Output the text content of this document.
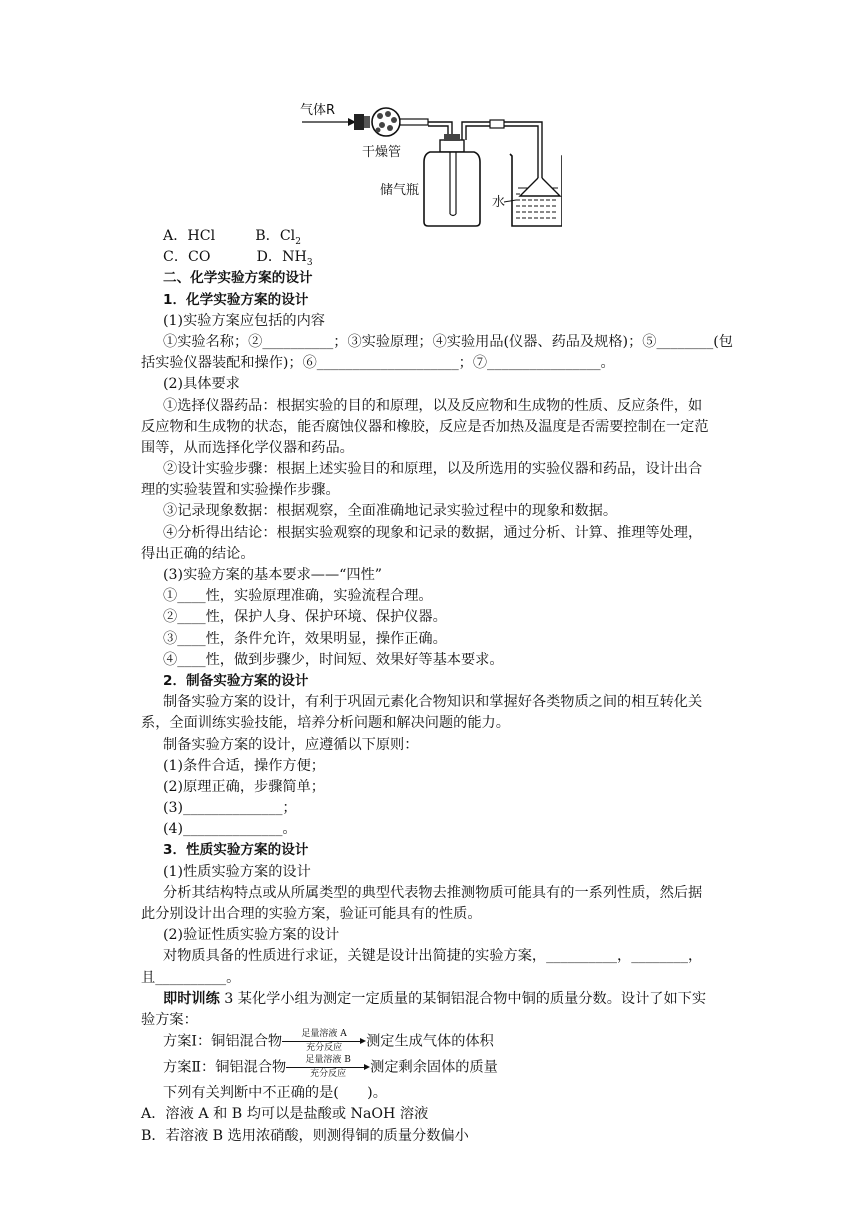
气体R
干燥管
储气瓶
水
A．HCl	B．$Cl_2$
C．CO	D．$NH_3$
二、化学实验方案的设计
1．化学实验方案的设计
(1)实验方案应包括的内容
①实验名称；②__________；③实验原理；④实验用品(仪器、药品及规格)；⑤________(包
括实验仪器装配和操作)；⑥____________________；⑦________________。
(2)具体要求
①选择仪器药品：根据实验的目的和原理，以及反应物和生成物的性质、反应条件，如
反应物和生成物的状态，能否腐蚀仪器和橡胶，反应是否加热及温度是否需要控制在一定范
围等，从而选择化学仪器和药品。
②设计实验步骤：根据上述实验目的和原理，以及所选用的实验仪器和药品，设计出合
理的实验装置和实验操作步骤。
③记录现象数据：根据观察，全面准确地记录实验过程中的现象和数据。
④分析得出结论：根据实验观察的现象和记录的数据，通过分析、计算、推理等处理，
得出正确的结论。
(3)实验方案的基本要求——“四性”
①____性，实验原理准确，实验流程合理。
②____性，保护人身、保护环境、保护仪器。
③____性，条件允许，效果明显，操作正确。
④____性，做到步骤少，时间短、效果好等基本要求。
2．制备实验方案的设计
制备实验方案的设计，有利于巩固元素化合物知识和掌握好各类物质之间的相互转化关
系，全面训练实验技能，培养分析问题和解决问题的能力。
制备实验方案的设计，应遵循以下原则：
(1)条件合适，操作方便；
(2)原理正确，步骤简单；
(3)______________；
(4)______________。
3．性质实验方案的设计
(1)性质实验方案的设计
分析其结构特点或从所属类型的典型代表物去推测物质可能具有的一系列性质，然后据
此分别设计出合理的实验方案，验证可能具有的性质。
(2)验证性质实验方案的设计
对物质具备的性质进行求证，关键是设计出简捷的实验方案，__________，________，
且__________。
即时训练 3 某化学小组为测定一定质量的某铜铝混合物中铜的质量分数。设计了如下实
验方案：
方案Ⅰ：铜铝混合物	足量溶液 A
充分反应	测定生成气体的体积
方案Ⅱ：铜铝混合物	足量溶液 B
充分反应	测定剩余固体的质量
下列有关判断中不正确的是(　　)。
A．溶液 A 和 B 均可以是盐酸或 NaOH 溶液
B．若溶液 B 选用浓硝酸，则测得铜的质量分数偏小
